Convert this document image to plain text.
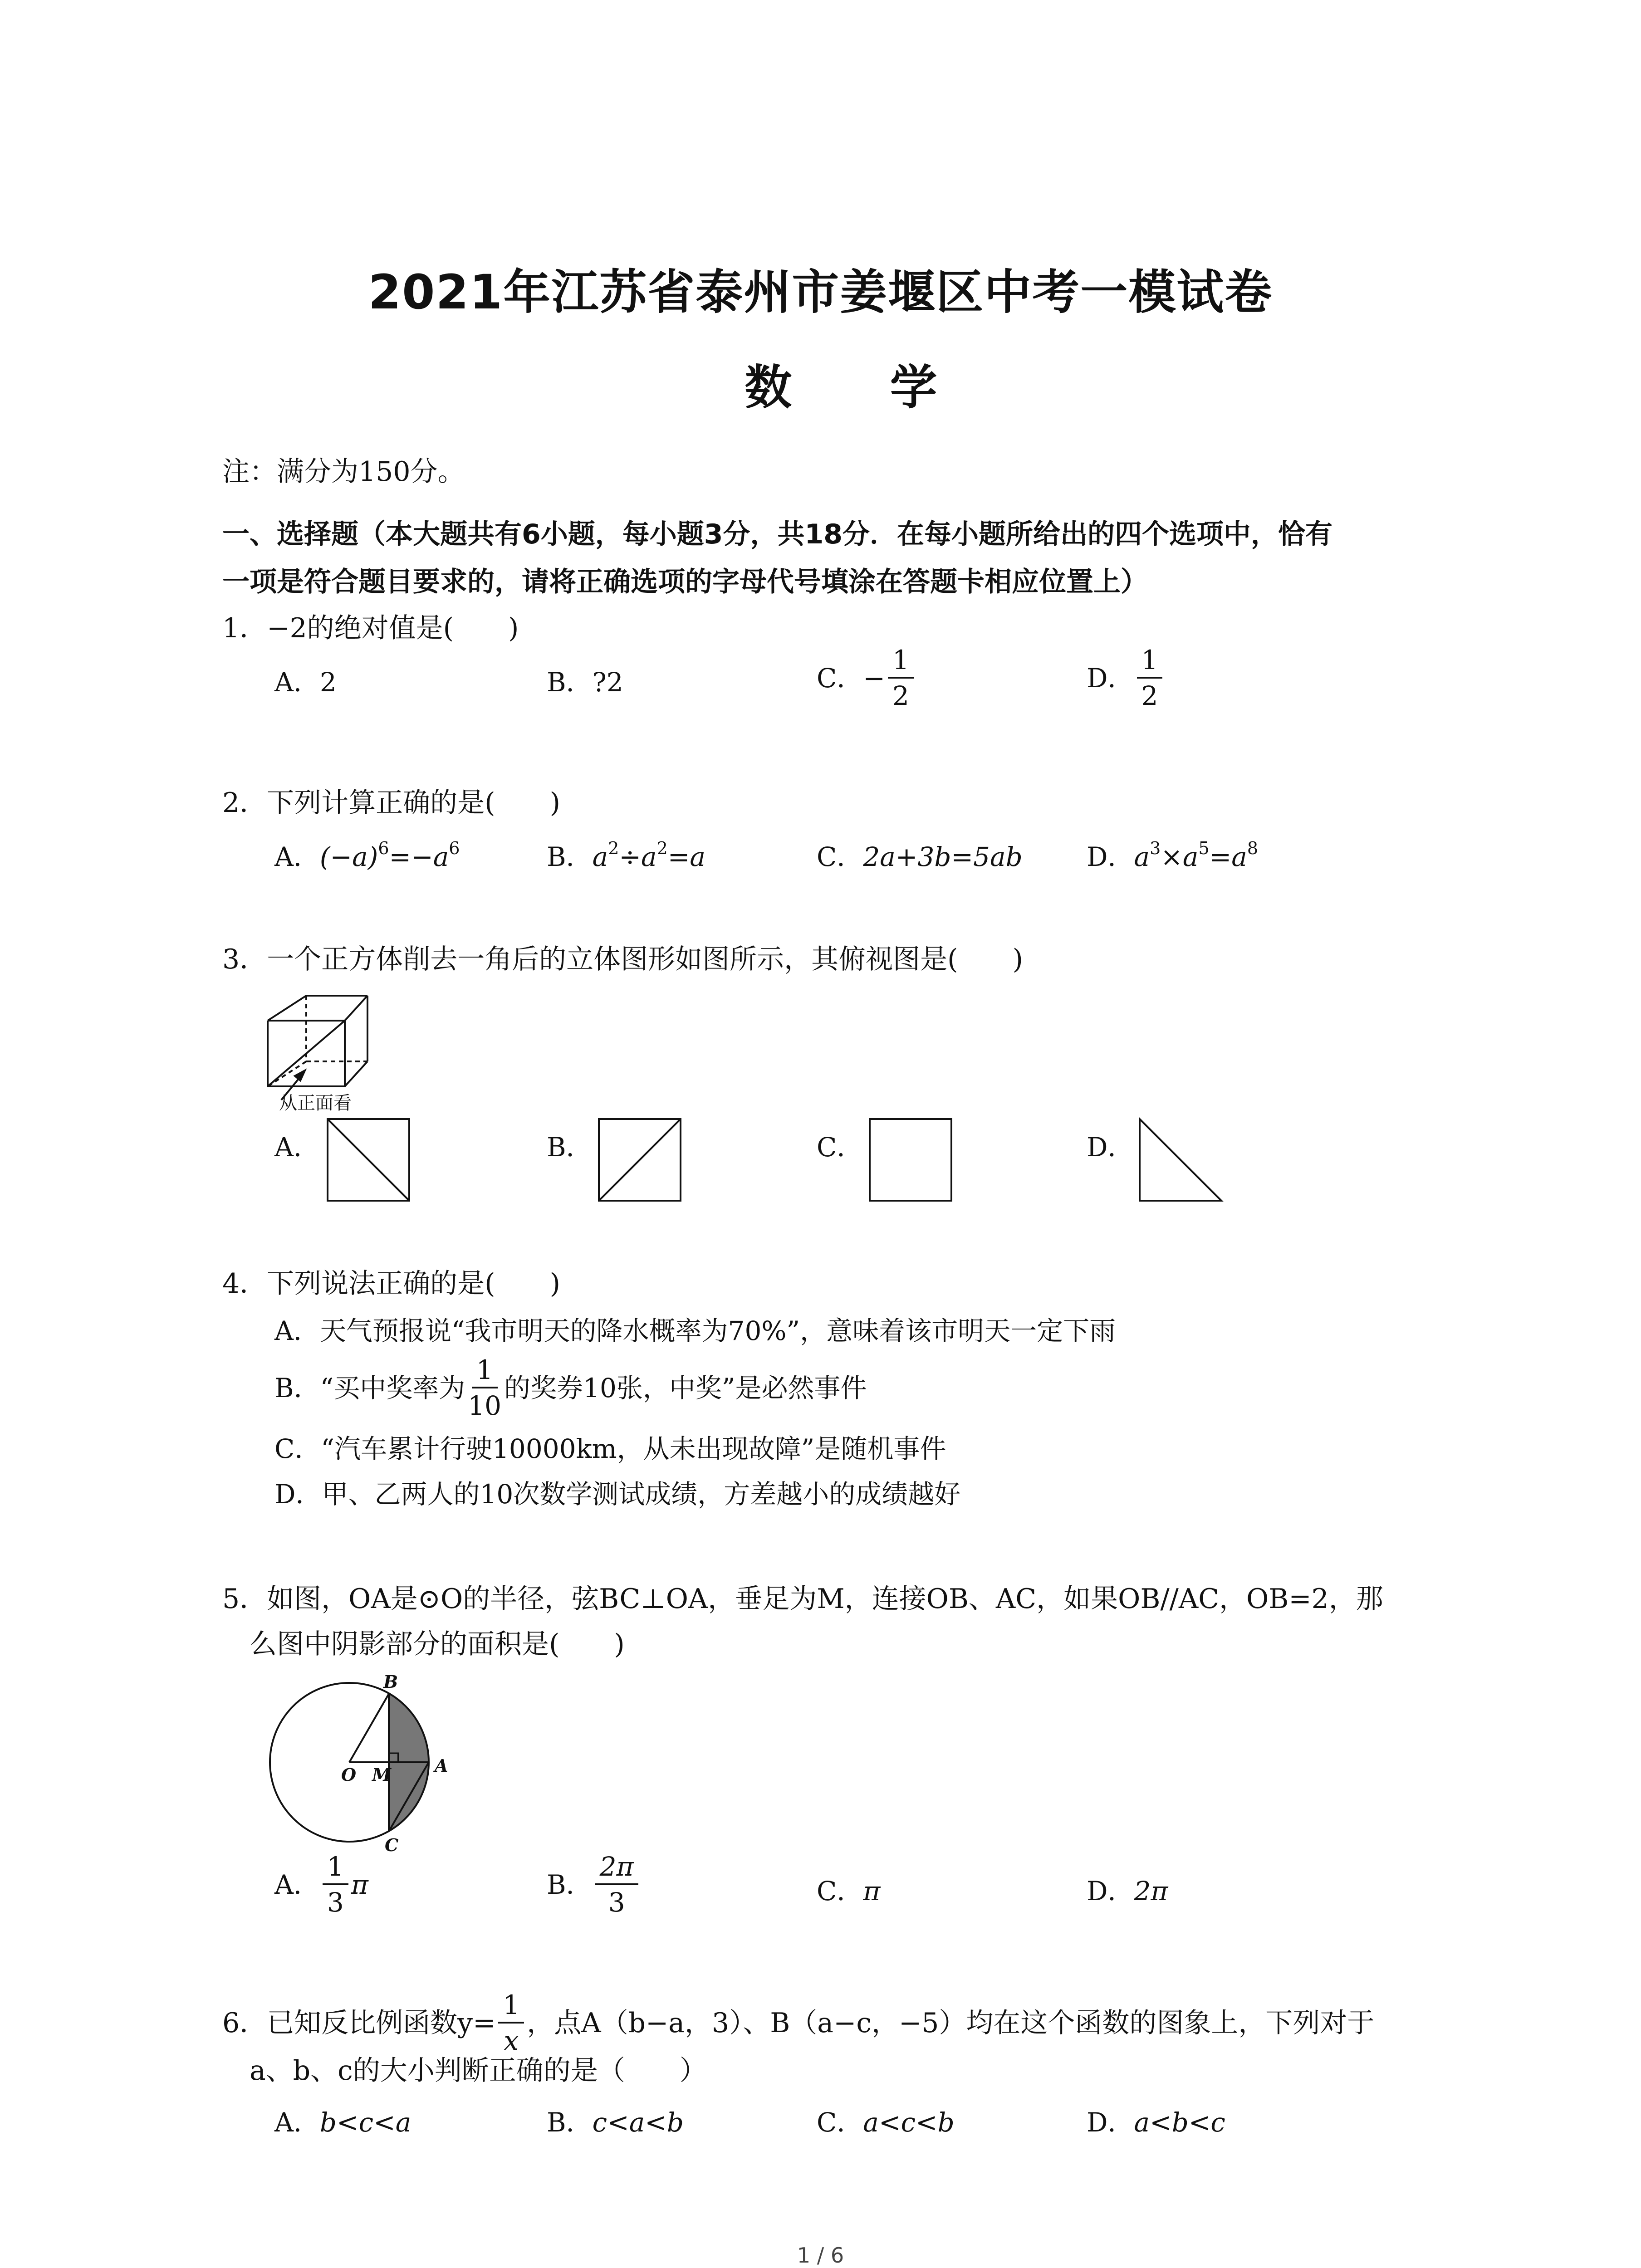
2021年江苏省泰州市姜堰区中考一模试卷
数 学
注：满分为150分。
一、选择题（本大题共有6小题，每小题3分，共18分．在每小题所给出的四个选项中，恰有
一项是符合题目要求的，请将正确选项的字母代号填涂在答题卡相应位置上）
1．−2的绝对值是(　　)
A．2	B．?2	C． − $\frac{1}{2}$	D． $\frac{1}{2}$
2．下列计算正确的是(　　)
A．$(-a)^6=-a^6$	B．$a^2\div a^2=a$	C．2a+3b=5ab D．$a^3\times a^5=a^8$
3．一个正方体削去一角后的立体图形如图所示，其俯视图是(　　)
从正面看
A．	B．	C．	D．
4．下列说法正确的是(　　)
A．天气预报说“我市明天的降水概率为70%”，意味着该市明天一定下雨
B．“买中奖率为 $\frac{1}{10}$ 的奖券10张，中奖”是必然事件
C．“汽车累计行驶10000km，从未出现故障”是随机事件
D．甲、乙两人的10次数学测试成绩，方差越小的成绩越好
5．如图，OA是⊙O的半径，弦BC⊥OA，垂足为M，连接OB、AC，如果OB//AC，OB=2，那
么图中阴影部分的面积是(　　)
B
O M	A
C
A． $\frac{1}{3}$ π	B． $\frac{2\pi}{3}$	C．π	D．2π
6．已知反比例函数$y= \frac{1}{x}$ ，点A（b−a，3）、B（a−c，−5）均在这个函数的图象上，下列对于
a、b、c的大小判断正确的是（　　）
A．b<c<a	B．c<a<b	C．a<c<b	D．a<b<c
1 / 6
